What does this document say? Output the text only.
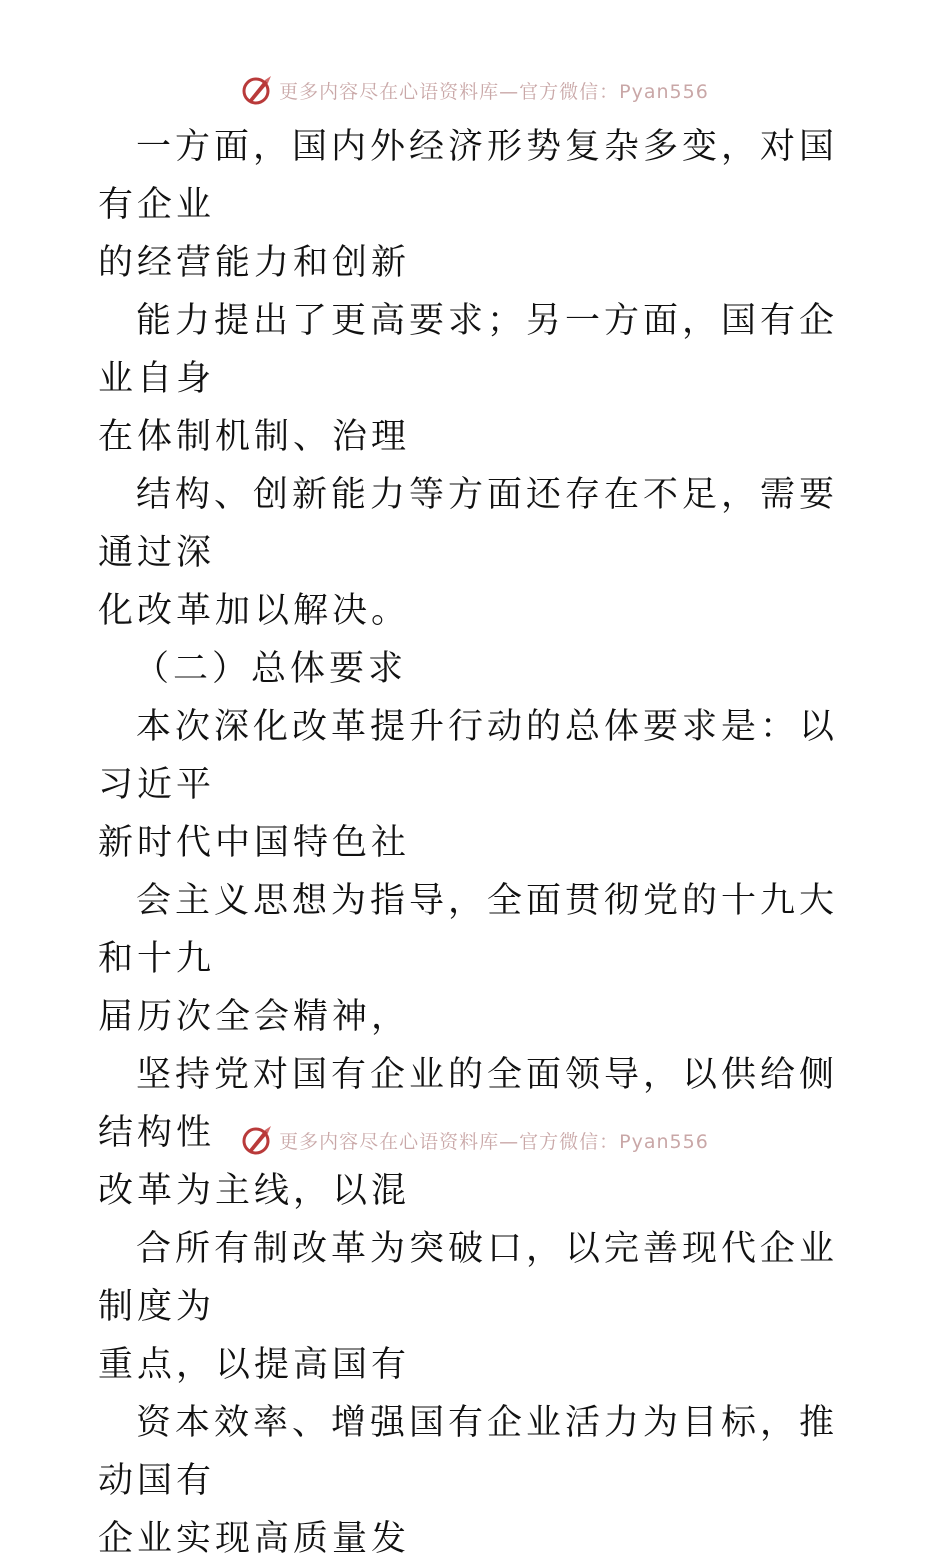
更多内容尽在心语资料库—官方微信：Pyan556

一方面，国内外经济形势复杂多变，对国有企业
的经营能力和创新

能力提出了更高要求；另一方面，国有企业自身
在体制机制、治理

结构、创新能力等方面还存在不足，需要通过深
化改革加以解决。

（二）总体要求

本次深化改革提升行动的总体要求是：以习近平
新时代中国特色社

会主义思想为指导，全面贯彻党的十九大和十九
届历次全会精神，

坚持党对国有企业的全面领导，以供给侧结构性
改革为主线，以混

合所有制改革为突破口，以完善现代企业制度为
重点，以提高国有

资本效率、增强国有企业活力为目标，推动国有
企业实现高质量发

更多内容尽在心语资料库—官方微信：Pyan556
